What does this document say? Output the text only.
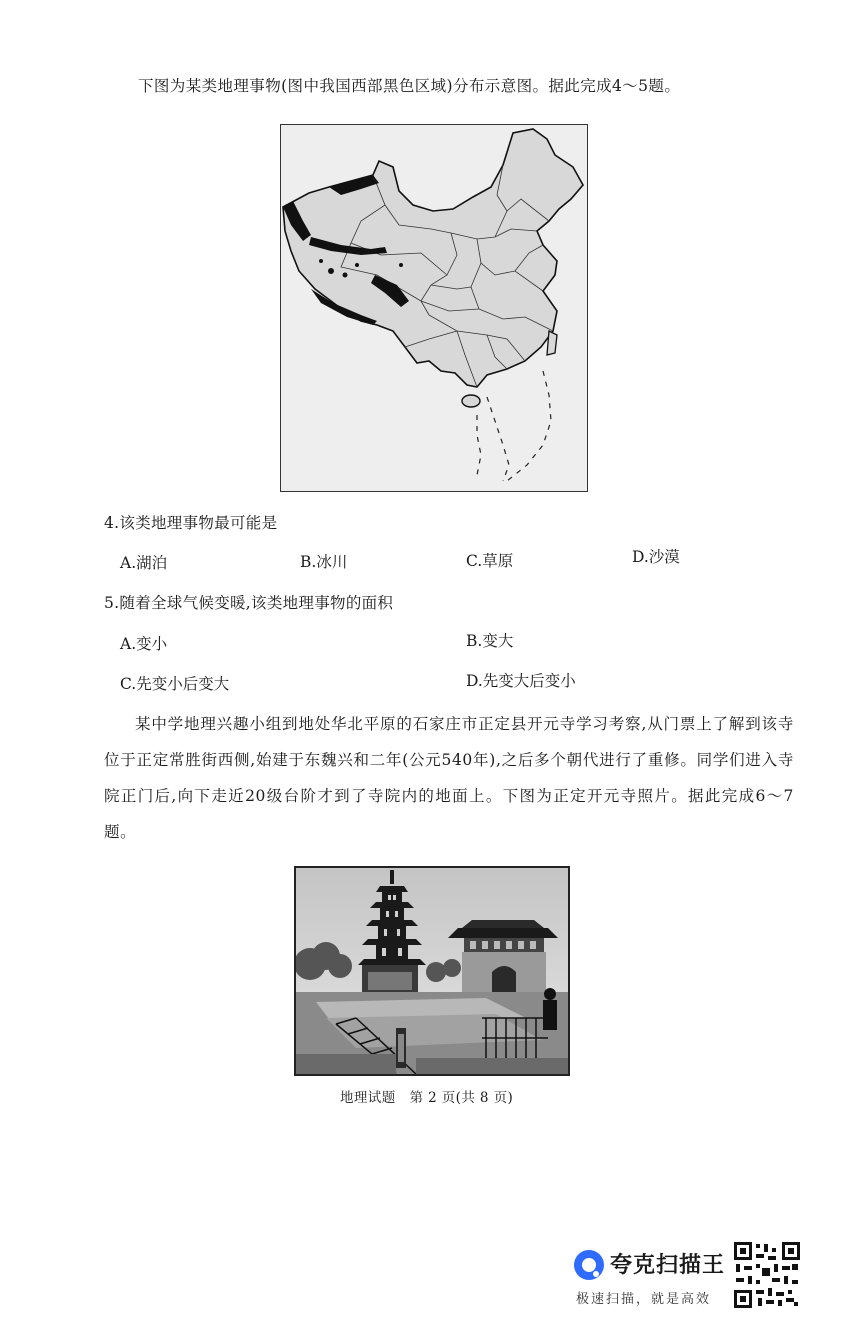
下图为某类地理事物(图中我国西部黑色区域)分布示意图。据此完成4～5题。
4.该类地理事物最可能是
A.湖泊	B.冰川	C.草原	D.沙漠
5.随着全球气候变暖,该类地理事物的面积
A.变小	B.变大
C.先变小后变大	D.先变大后变小
某中学地理兴趣小组到地处华北平原的石家庄市正定县开元寺学习考察,从门票上了解到该寺位于正定常胜街西侧,始建于东魏兴和二年(公元540年),之后多个朝代进行了重修。同学们进入寺院正门后,向下走近20级台阶才到了寺院内的地面上。下图为正定开元寺照片。据此完成6～7题。
地理试题　第 2 页(共 8 页)
夸克扫描王
极速扫描，就是高效
